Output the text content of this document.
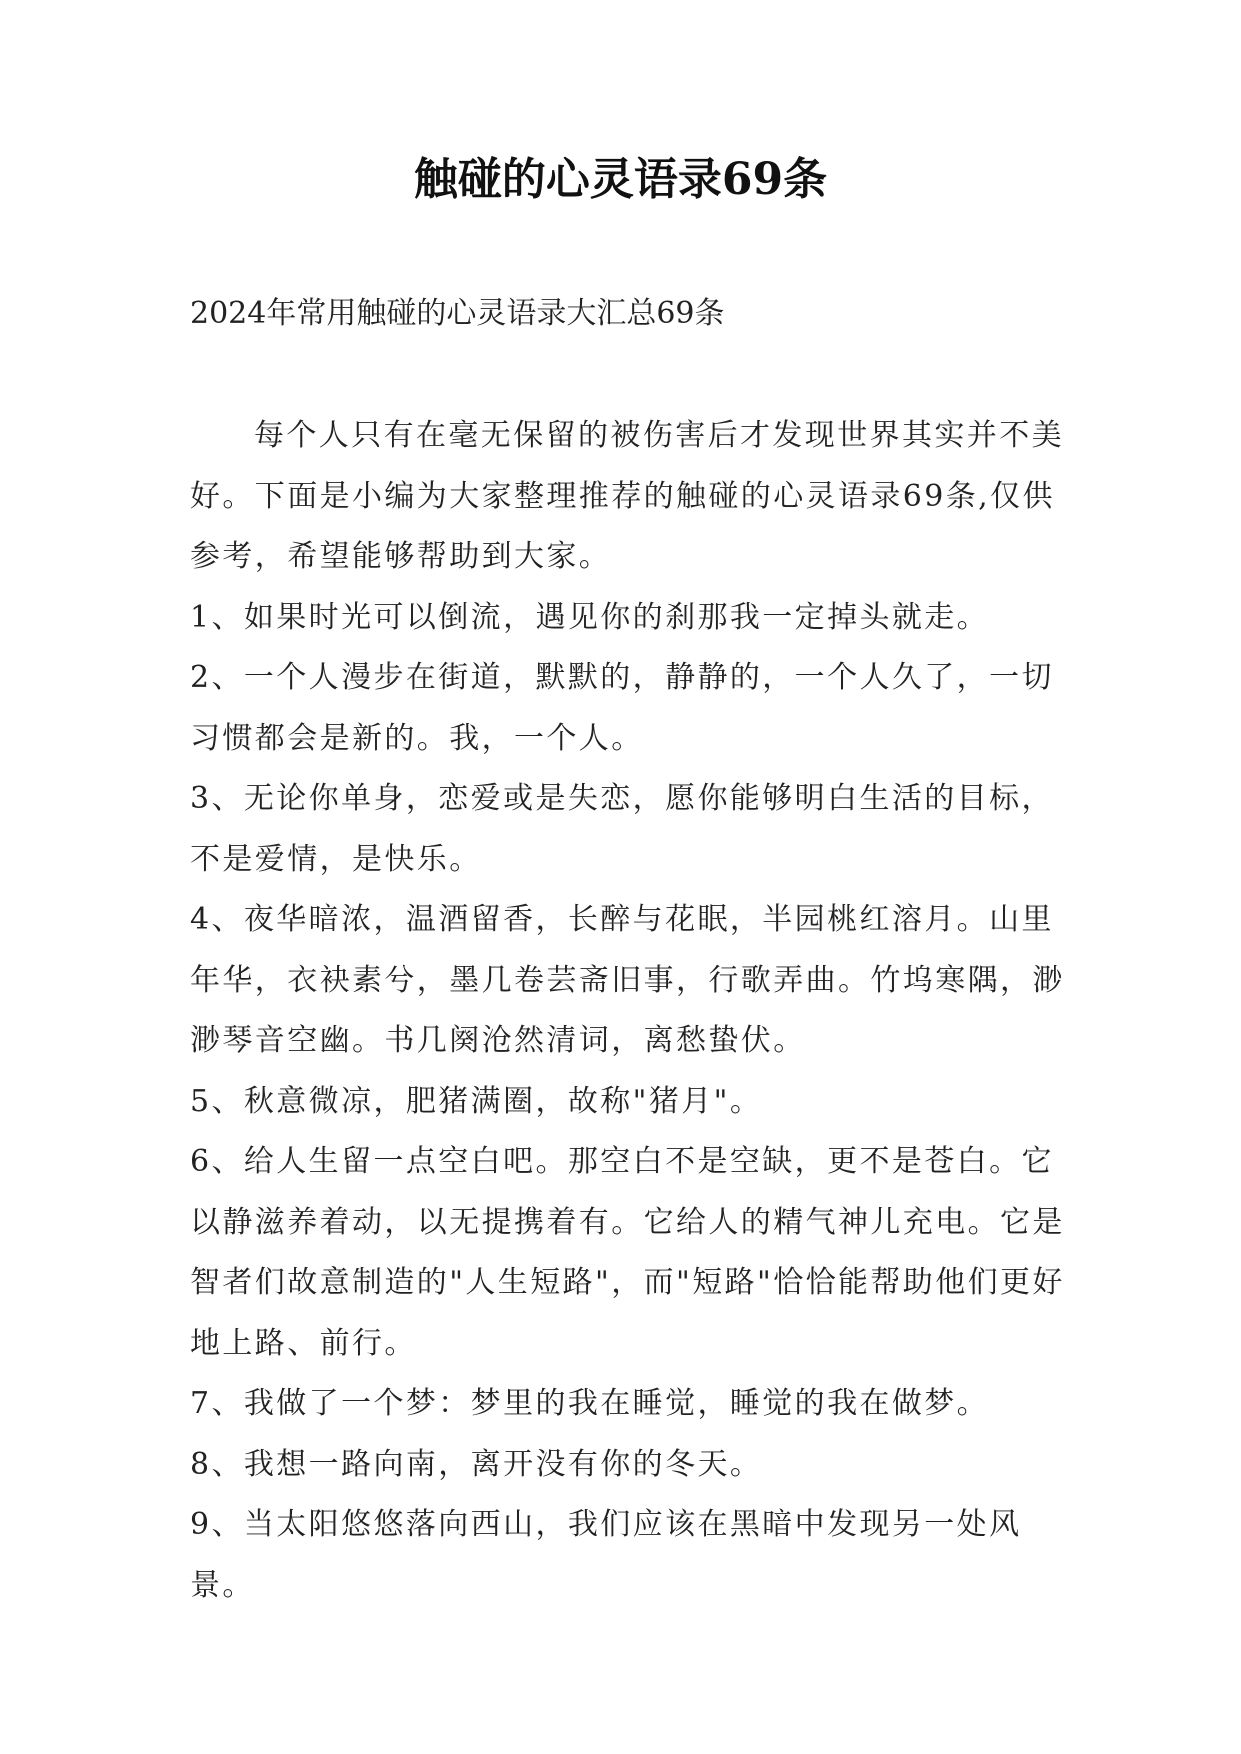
触碰的心灵语录69条
2024年常用触碰的心灵语录大汇总69条

每个人只有在毫无保留的被伤害后才发现世界其实并不美好。下面是小编为大家整理推荐的触碰的心灵语录69条,仅供参考，希望能够帮助到大家。

1、如果时光可以倒流，遇见你的刹那我一定掉头就走。

2、一个人漫步在街道，默默的，静静的，一个人久了，一切习惯都会是新的。我，一个人。

3、无论你单身，恋爱或是失恋，愿你能够明白生活的目标，不是爱情，是快乐。

4、夜华暗浓，温酒留香，长醉与花眠，半园桃红溶月。山里年华，衣袂素兮，墨几卷芸斋旧事，行歌弄曲。竹坞寒隅，渺渺琴音空幽。书几阕沧然清词，离愁蛰伏。

5、秋意微凉，肥猪满圈，故称"猪月"。

6、给人生留一点空白吧。那空白不是空缺，更不是苍白。它以静滋养着动，以无提携着有。它给人的精气神儿充电。它是智者们故意制造的"人生短路"，而"短路"恰恰能帮助他们更好地上路、前行。

7、我做了一个梦：梦里的我在睡觉，睡觉的我在做梦。

8、我想一路向南，离开没有你的冬天。

9、当太阳悠悠落向西山，我们应该在黑暗中发现另一处风景。
